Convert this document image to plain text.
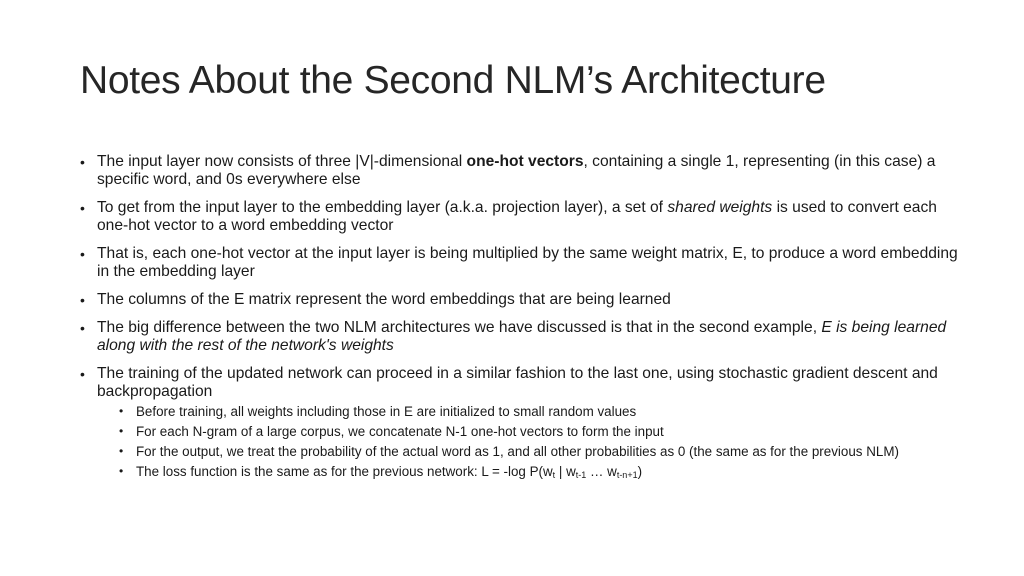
Notes About the Second NLM’s Architecture
• The input layer now consists of three |V|-dimensional one-hot vectors, containing a single 1, representing (in this case) a specific word, and 0s everywhere else
• To get from the input layer to the embedding layer (a.k.a. projection layer), a set of shared weights is used to convert each one-hot vector to a word embedding vector
• That is, each one-hot vector at the input layer is being multiplied by the same weight matrix, E, to produce a word embedding in the embedding layer
• The columns of the E matrix represent the word embeddings that are being learned
• The big difference between the two NLM architectures we have discussed is that in the second example, E is being learned along with the rest of the network's weights
• The training of the updated network can proceed in a similar fashion to the last one, using stochastic gradient descent and backpropagation
• Before training, all weights including those in E are initialized to small random values
• For each N-gram of a large corpus, we concatenate N-1 one-hot vectors to form the input
• For the output, we treat the probability of the actual word as 1, and all other probabilities as 0 (the same as for the previous NLM)
• The loss function is the same as for the previous network: L = -log $P(w_t$ | $w_{t-1}$ … $w_{t-n+1}$)
